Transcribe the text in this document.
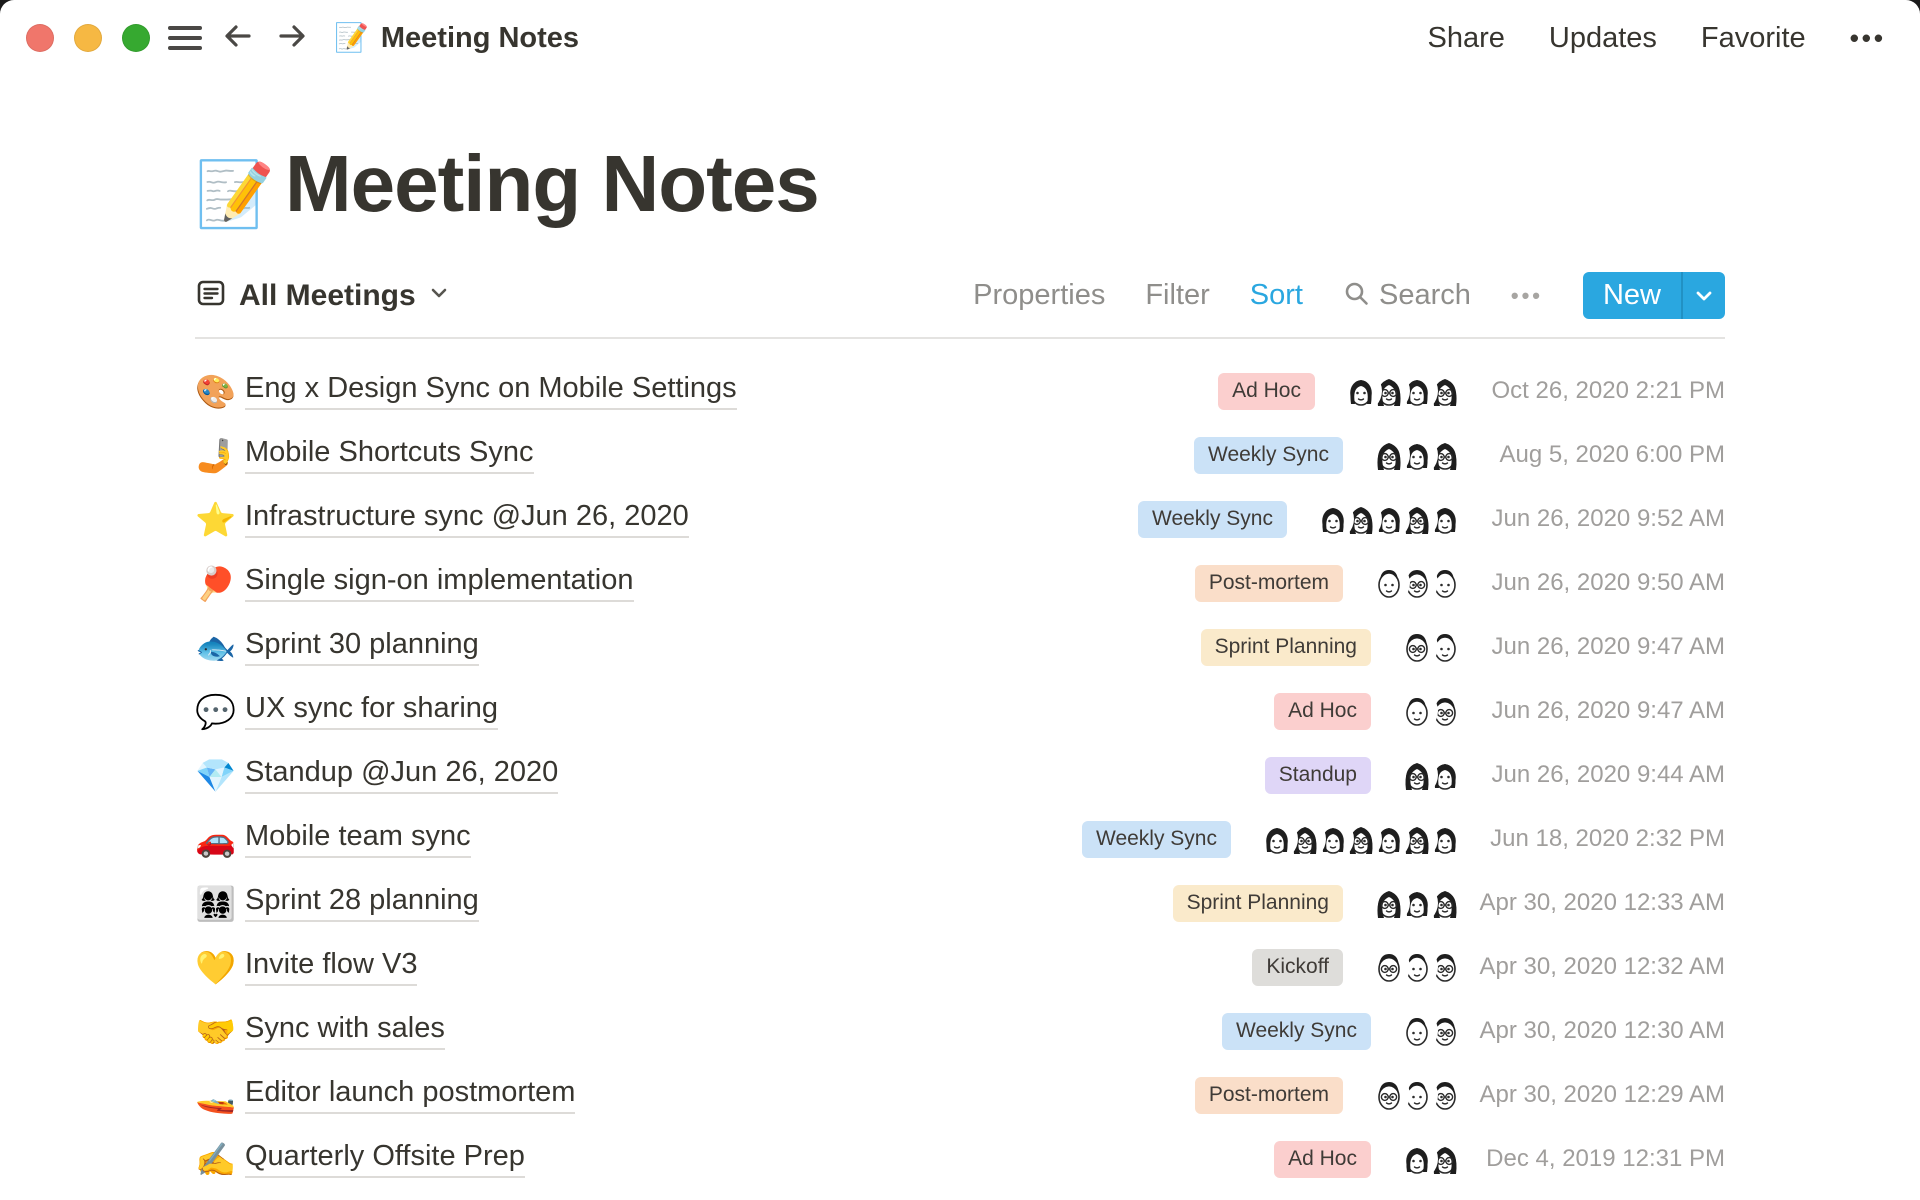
📝 Meeting Notes	Share Updates Favorite •••
📝 Meeting Notes
All Meetings	Properties Filter Sort	Search •••	New
🎨 Eng x Design Sync on Mobile Settings	Ad Hoc	Oct 26, 2020 2:21 PM
🤳 Mobile Shortcuts Sync	Weekly Sync	Aug 5, 2020 6:00 PM
⭐ Infrastructure sync @Jun 26, 2020	Weekly Sync	Jun 26, 2020 9:52 AM
🏓 Single sign-on implementation	Post-mortem	Jun 26, 2020 9:50 AM
🐟 Sprint 30 planning	Sprint Planning	Jun 26, 2020 9:47 AM
💬 UX sync for sharing	Ad Hoc	Jun 26, 2020 9:47 AM
💎 Standup @Jun 26, 2020	Standup	Jun 26, 2020 9:44 AM
🚗 Mobile team sync	Weekly Sync	Jun 18, 2020 2:32 PM
👩‍👩‍👧‍👧 Sprint 28 planning	Sprint Planning	Apr 30, 2020 12:33 AM
💛 Invite flow V3	Kickoff	Apr 30, 2020 12:32 AM
🤝 Sync with sales	Weekly Sync	Apr 30, 2020 12:30 AM
🚤 Editor launch postmortem	Post-mortem	Apr 30, 2020 12:29 AM
✍️ Quarterly Offsite Prep	Ad Hoc	Dec 4, 2019 12:31 PM
